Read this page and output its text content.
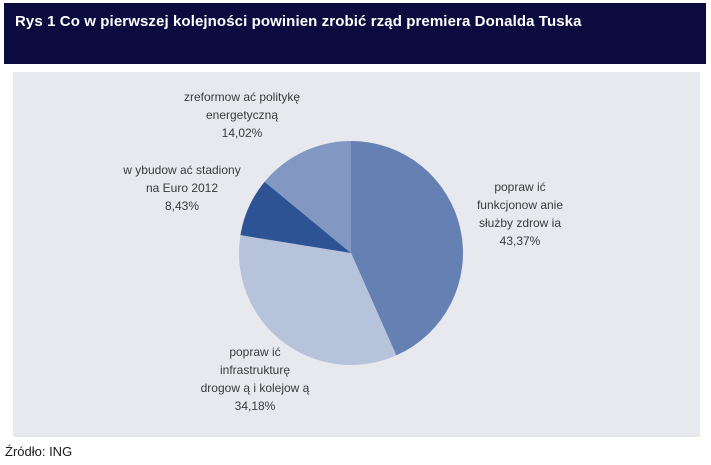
Rys 1 Co w pierwszej kolejności powinien zrobić rząd premiera Donalda Tuska
zreformow ać politykę
energetyczną
14,02%
w ybudow ać stadiony
na Euro 2012
8,43%
popraw ić
funkcjonow anie
służby zdrow ia
43,37%
popraw ić
infrastrukturę
drogow ą i kolejow ą
34,18%
Źródło: ING
